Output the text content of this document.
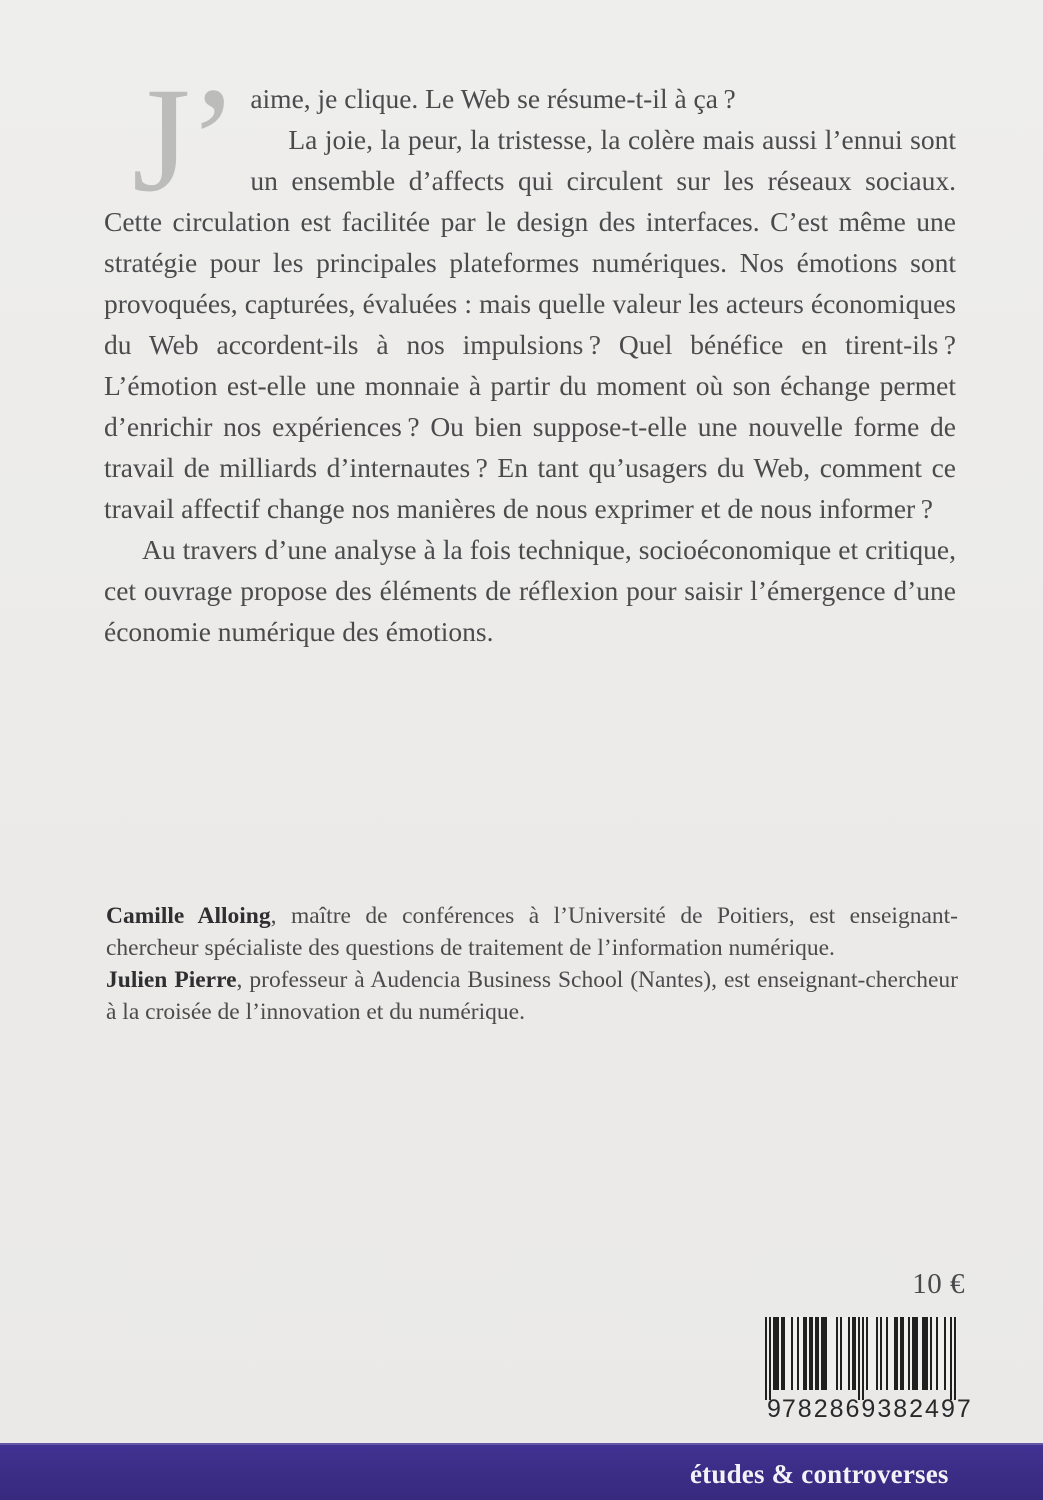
J’ aime, je clique. Le Web se résume-t-il à ça ?

La joie, la peur, la tristesse, la colère mais aussi l’ennui sont un ensemble d’affects qui circulent sur les réseaux sociaux. Cette circulation est facilitée par le design des interfaces. C’est même une stratégie pour les principales plateformes numériques. Nos émotions sont provoquées, capturées, évaluées : mais quelle valeur les acteurs économiques du Web accordent-ils à nos impulsions ? Quel bénéfice en tirent-ils ? L’émotion est-elle une monnaie à partir du moment où son échange permet d’enrichir nos expériences ? Ou bien suppose-t-elle une nouvelle forme de travail de milliards d’internautes ? En tant qu’usagers du Web, comment ce travail affectif change nos manières de nous exprimer et de nous informer ?

Au travers d’une analyse à la fois technique, socioéconomique et critique, cet ouvrage propose des éléments de réflexion pour saisir l’émergence d’une économie numérique des émotions.

Camille Alloing, maître de conférences à l’Université de Poitiers, est enseignant-chercheur spécialiste des questions de traitement de l’information numérique.

Julien Pierre, professeur à Audencia Business School (Nantes), est enseignant-chercheur à la croisée de l’innovation et du numérique.

10 €
9 782869 382497
études & controverses
